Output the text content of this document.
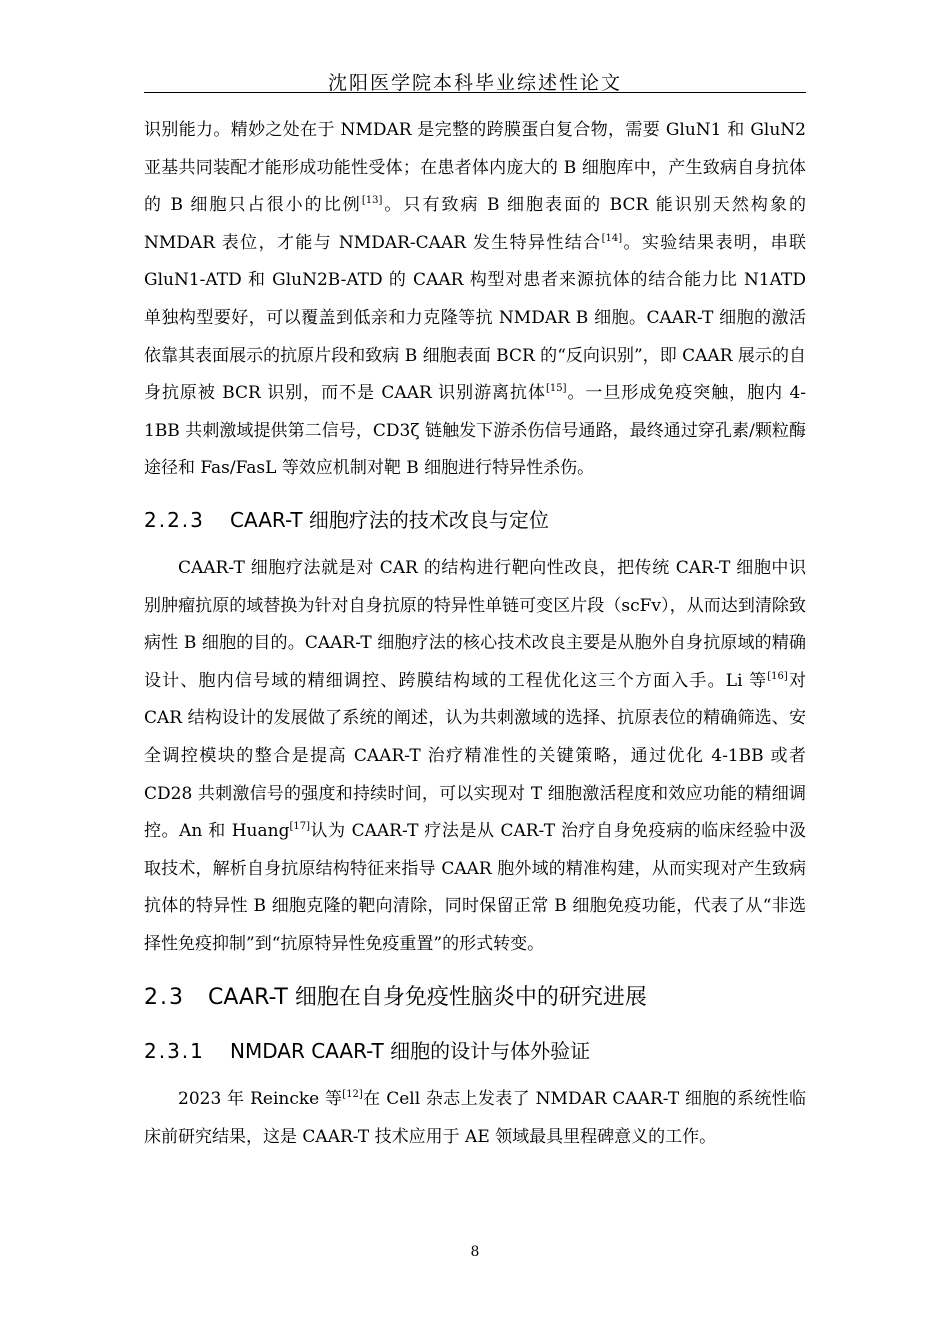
沈阳医学院本科毕业综述性论文

识别能力。精妙之处在于 NMDAR 是完整的跨膜蛋白复合物，需要 GluN1 和 GluN2 亚基共同装配才能形成功能性受体；在患者体内庞大的 B 细胞库中，产生致病自身抗体的 B 细胞只占很小的比例[13]。只有致病 B 细胞表面的 BCR 能识别天然构象的 NMDAR 表位，才能与 NMDAR-CAAR 发生特异性结合[14]。实验结果表明，串联 GluN1-ATD 和 GluN2B-ATD 的 CAAR 构型对患者来源抗体的结合能力比 N1ATD 单独构型要好，可以覆盖到低亲和力克隆等抗 NMDAR B 细胞。CAAR-T 细胞的激活依靠其表面展示的抗原片段和致病 B 细胞表面 BCR 的“反向识别”，即 CAAR 展示的自身抗原被 BCR 识别，而不是 CAAR 识别游离抗体[15]。一旦形成免疫突触，胞内 4-1BB 共刺激域提供第二信号，CD3ζ 链触发下游杀伤信号通路，最终通过穿孔素/颗粒酶途径和 Fas/FasL 等效应机制对靶 B 细胞进行特异性杀伤。

2.2.3 CAAR-T 细胞疗法的技术改良与定位

CAAR-T 细胞疗法就是对 CAR 的结构进行靶向性改良，把传统 CAR-T 细胞中识别肿瘤抗原的域替换为针对自身抗原的特异性单链可变区片段（scFv），从而达到清除致病性 B 细胞的目的。CAAR-T 细胞疗法的核心技术改良主要是从胞外自身抗原域的精确设计、胞内信号域的精细调控、跨膜结构域的工程优化这三个方面入手。Li 等[16]对 CAR 结构设计的发展做了系统的阐述，认为共刺激域的选择、抗原表位的精确筛选、安全调控模块的整合是提高 CAAR-T 治疗精准性的关键策略，通过优化 4-1BB 或者 CD28 共刺激信号的强度和持续时间，可以实现对 T 细胞激活程度和效应功能的精细调控。An 和 Huang[17]认为 CAAR-T 疗法是从 CAR-T 治疗自身免疫病的临床经验中汲取技术，解析自身抗原结构特征来指导 CAAR 胞外域的精准构建，从而实现对产生致病抗体的特异性 B 细胞克隆的靶向清除，同时保留正常 B 细胞免疫功能，代表了从“非选择性免疫抑制”到“抗原特异性免疫重置”的形式转变。

2.3 CAAR-T 细胞在自身免疫性脑炎中的研究进展
2.3.1 NMDAR CAAR-T 细胞的设计与体外验证

2023 年 Reincke 等[12]在 Cell 杂志上发表了 NMDAR CAAR-T 细胞的系统性临床前研究结果，这是 CAAR-T 技术应用于 AE 领域最具里程碑意义的工作。

8
